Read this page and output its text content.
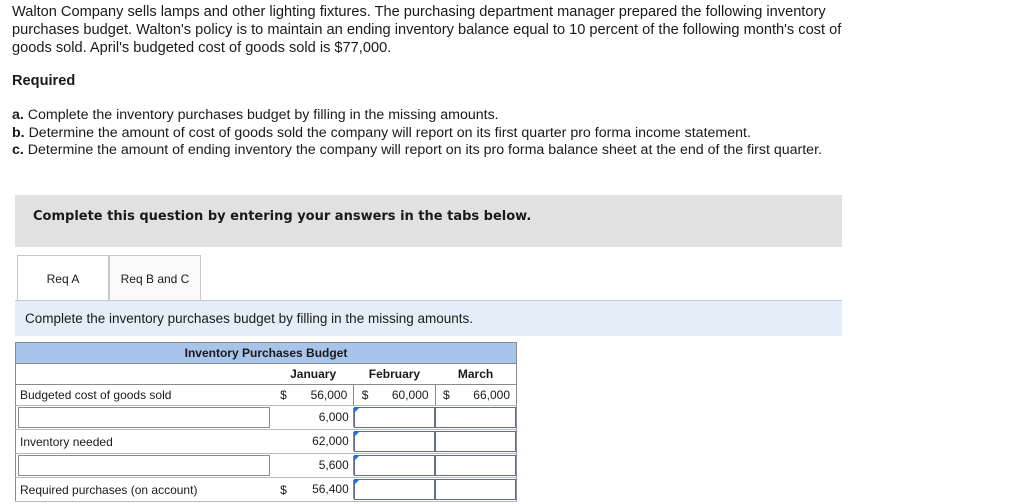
Walton Company sells lamps and other lighting fixtures. The purchasing department manager prepared the following inventory
purchases budget. Walton's policy is to maintain an ending inventory balance equal to 10 percent of the following month's cost of
goods sold. April's budgeted cost of goods sold is $77,000.
Required
a. Complete the inventory purchases budget by filling in the missing amounts.
b. Determine the amount of cost of goods sold the company will report on its first quarter pro forma income statement.
c. Determine the amount of ending inventory the company will report on its pro forma balance sheet at the end of the first quarter.
Complete this question by entering your answers in the tabs below.
Req A	Req B and C
Complete the inventory purchases budget by filling in the missing amounts.
Inventory Purchases Budget						
	January		February		March	
Budgeted cost of goods sold	$	56,000	$	60,000	$	66,000

		6,000				

Inventory needed		62,000				

		5,600				

Required purchases (on account)	$	56,400				
